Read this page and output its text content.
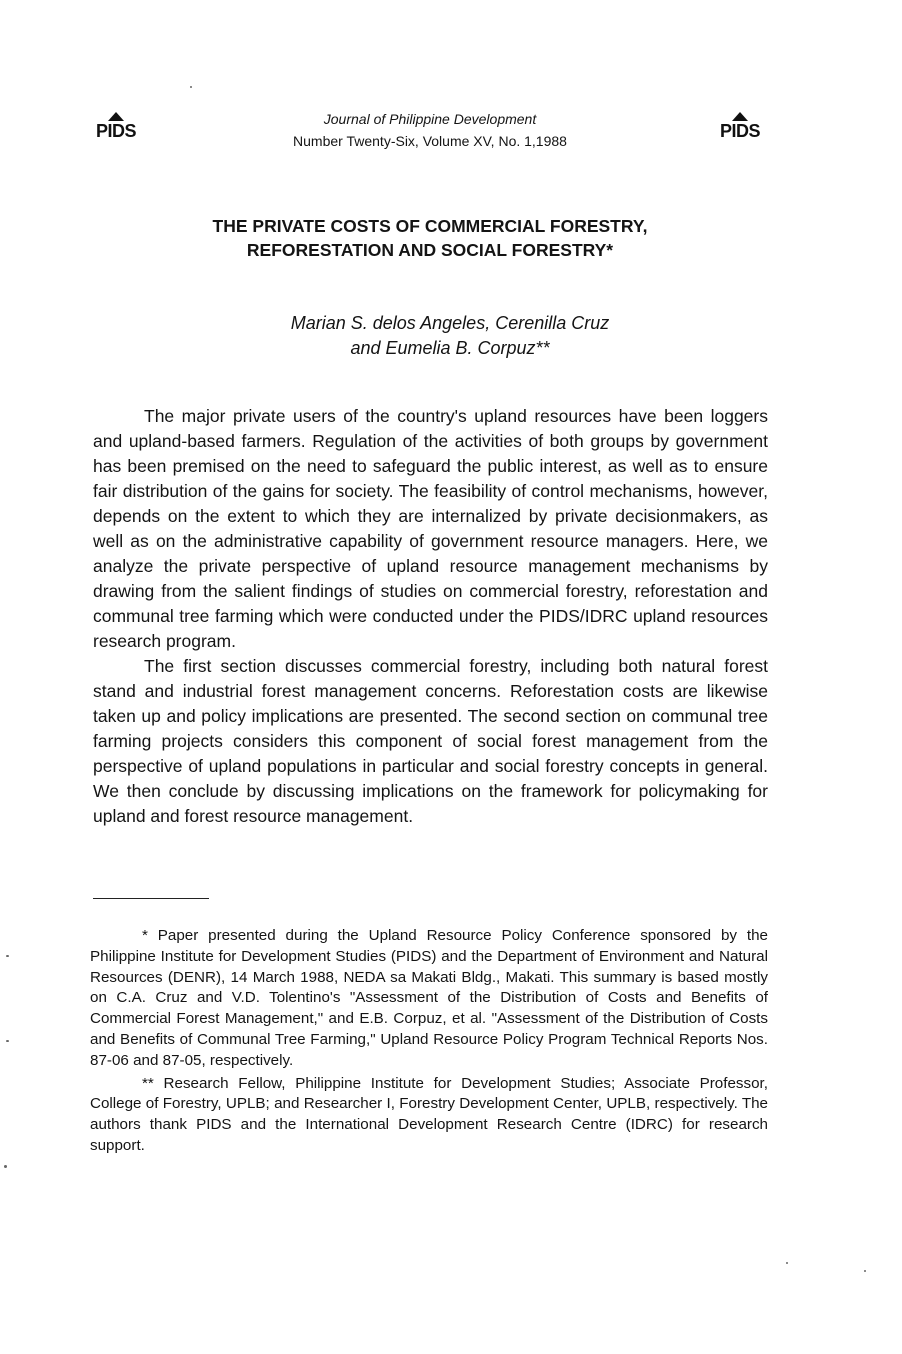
PIDS	PIDS
Journal of Philippine Development
Number Twenty-Six, Volume XV, No. 1,1988
THE PRIVATE COSTS OF COMMERCIAL FORESTRY,
REFORESTATION AND SOCIAL FORESTRY*
Marian S. delos Angeles, Cerenilla Cruz
and Eumelia B. Corpuz**

The major private users of the country's upland resources have been loggers and upland-based farmers. Regulation of the activities of both groups by government has been premised on the need to safeguard the public interest, as well as to ensure fair distribution of the gains for society. The feasibility of control mechanisms, however, depends on the extent to which they are internalized by private decisionmakers, as well as on the administrative capability of government resource managers. Here, we analyze the private perspective of upland resource management mechanisms by drawing from the salient findings of studies on commercial forestry, reforestation and communal tree farming which were conducted under the PIDS/IDRC upland resources research program.

The first section discusses commercial forestry, including both natural forest stand and industrial forest management concerns. Reforestation costs are likewise taken up and policy implications are presented. The second section on communal tree farming projects considers this component of social forest management from the perspective of upland populations in particular and social forestry concepts in general. We then conclude by discussing implications on the framework for policymaking for upland and forest resource management.

* Paper presented during the Upland Resource Policy Conference sponsored by the Philippine Institute for Development Studies (PIDS) and the Department of Environment and Natural Resources (DENR), 14 March 1988, NEDA sa Makati Bldg., Makati. This summary is based mostly on C.A. Cruz and V.D. Tolentino's "Assessment of the Distribution of Costs and Benefits of Commercial Forest Management," and E.B. Corpuz, et al. "Assessment of the Distribution of Costs and Benefits of Communal Tree Farming," Upland Resource Policy Program Technical Reports Nos. 87-06 and 87-05, respectively.

** Research Fellow, Philippine Institute for Development Studies; Associate Professor, College of Forestry, UPLB; and Researcher I, Forestry Development Center, UPLB, respectively. The authors thank PIDS and the International Development Research Centre (IDRC) for research support.
